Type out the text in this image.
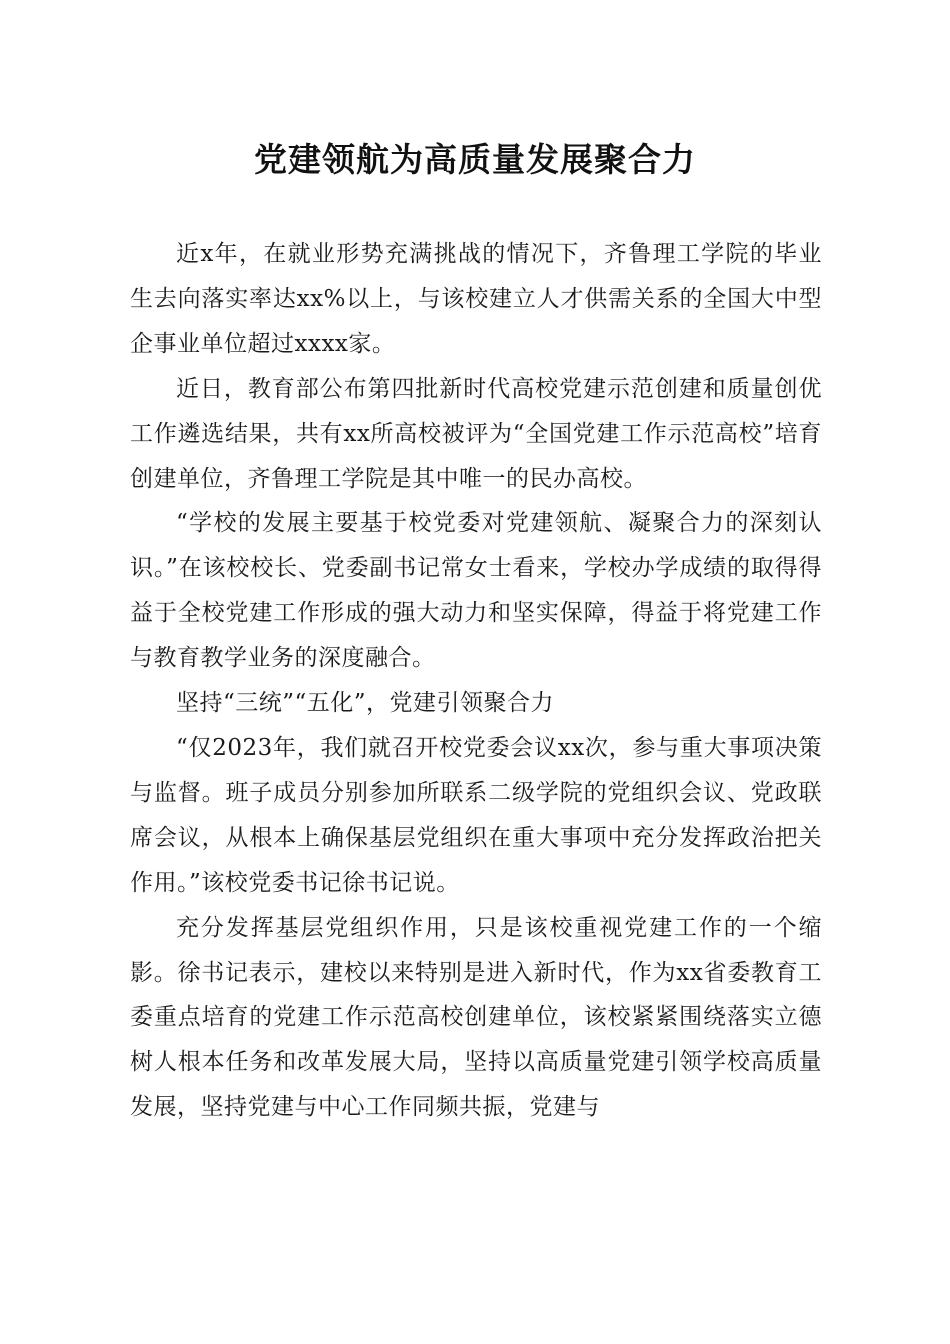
党建领航为高质量发展聚合力

近x年，在就业形势充满挑战的情况下，齐鲁理工学院的毕业生去向落实率达xx%以上，与该校建立人才供需关系的全国大中型企事业单位超过xxxx家。

近日，教育部公布第四批新时代高校党建示范创建和质量创优工作遴选结果，共有xx所高校被评为“全国党建工作示范高校”培育创建单位，齐鲁理工学院是其中唯一的民办高校。

“学校的发展主要基于校党委对党建领航、凝聚合力的深刻认识。”在该校校长、党委副书记常女士看来，学校办学成绩的取得得益于全校党建工作形成的强大动力和坚实保障，得益于将党建工作与教育教学业务的深度融合。

坚持“三统”“五化”，党建引领聚合力

“仅2023年，我们就召开校党委会议xx次，参与重大事项决策与监督。班子成员分别参加所联系二级学院的党组织会议、党政联席会议，从根本上确保基层党组织在重大事项中充分发挥政治把关作用。”该校党委书记徐书记说。

充分发挥基层党组织作用，只是该校重视党建工作的一个缩影。徐书记表示，建校以来特别是进入新时代，作为xx省委教育工委重点培育的党建工作示范高校创建单位，该校紧紧围绕落实立德树人根本任务和改革发展大局，坚持以高质量党建引领学校高质量发展，坚持党建与中心工作同频共振，党建与
